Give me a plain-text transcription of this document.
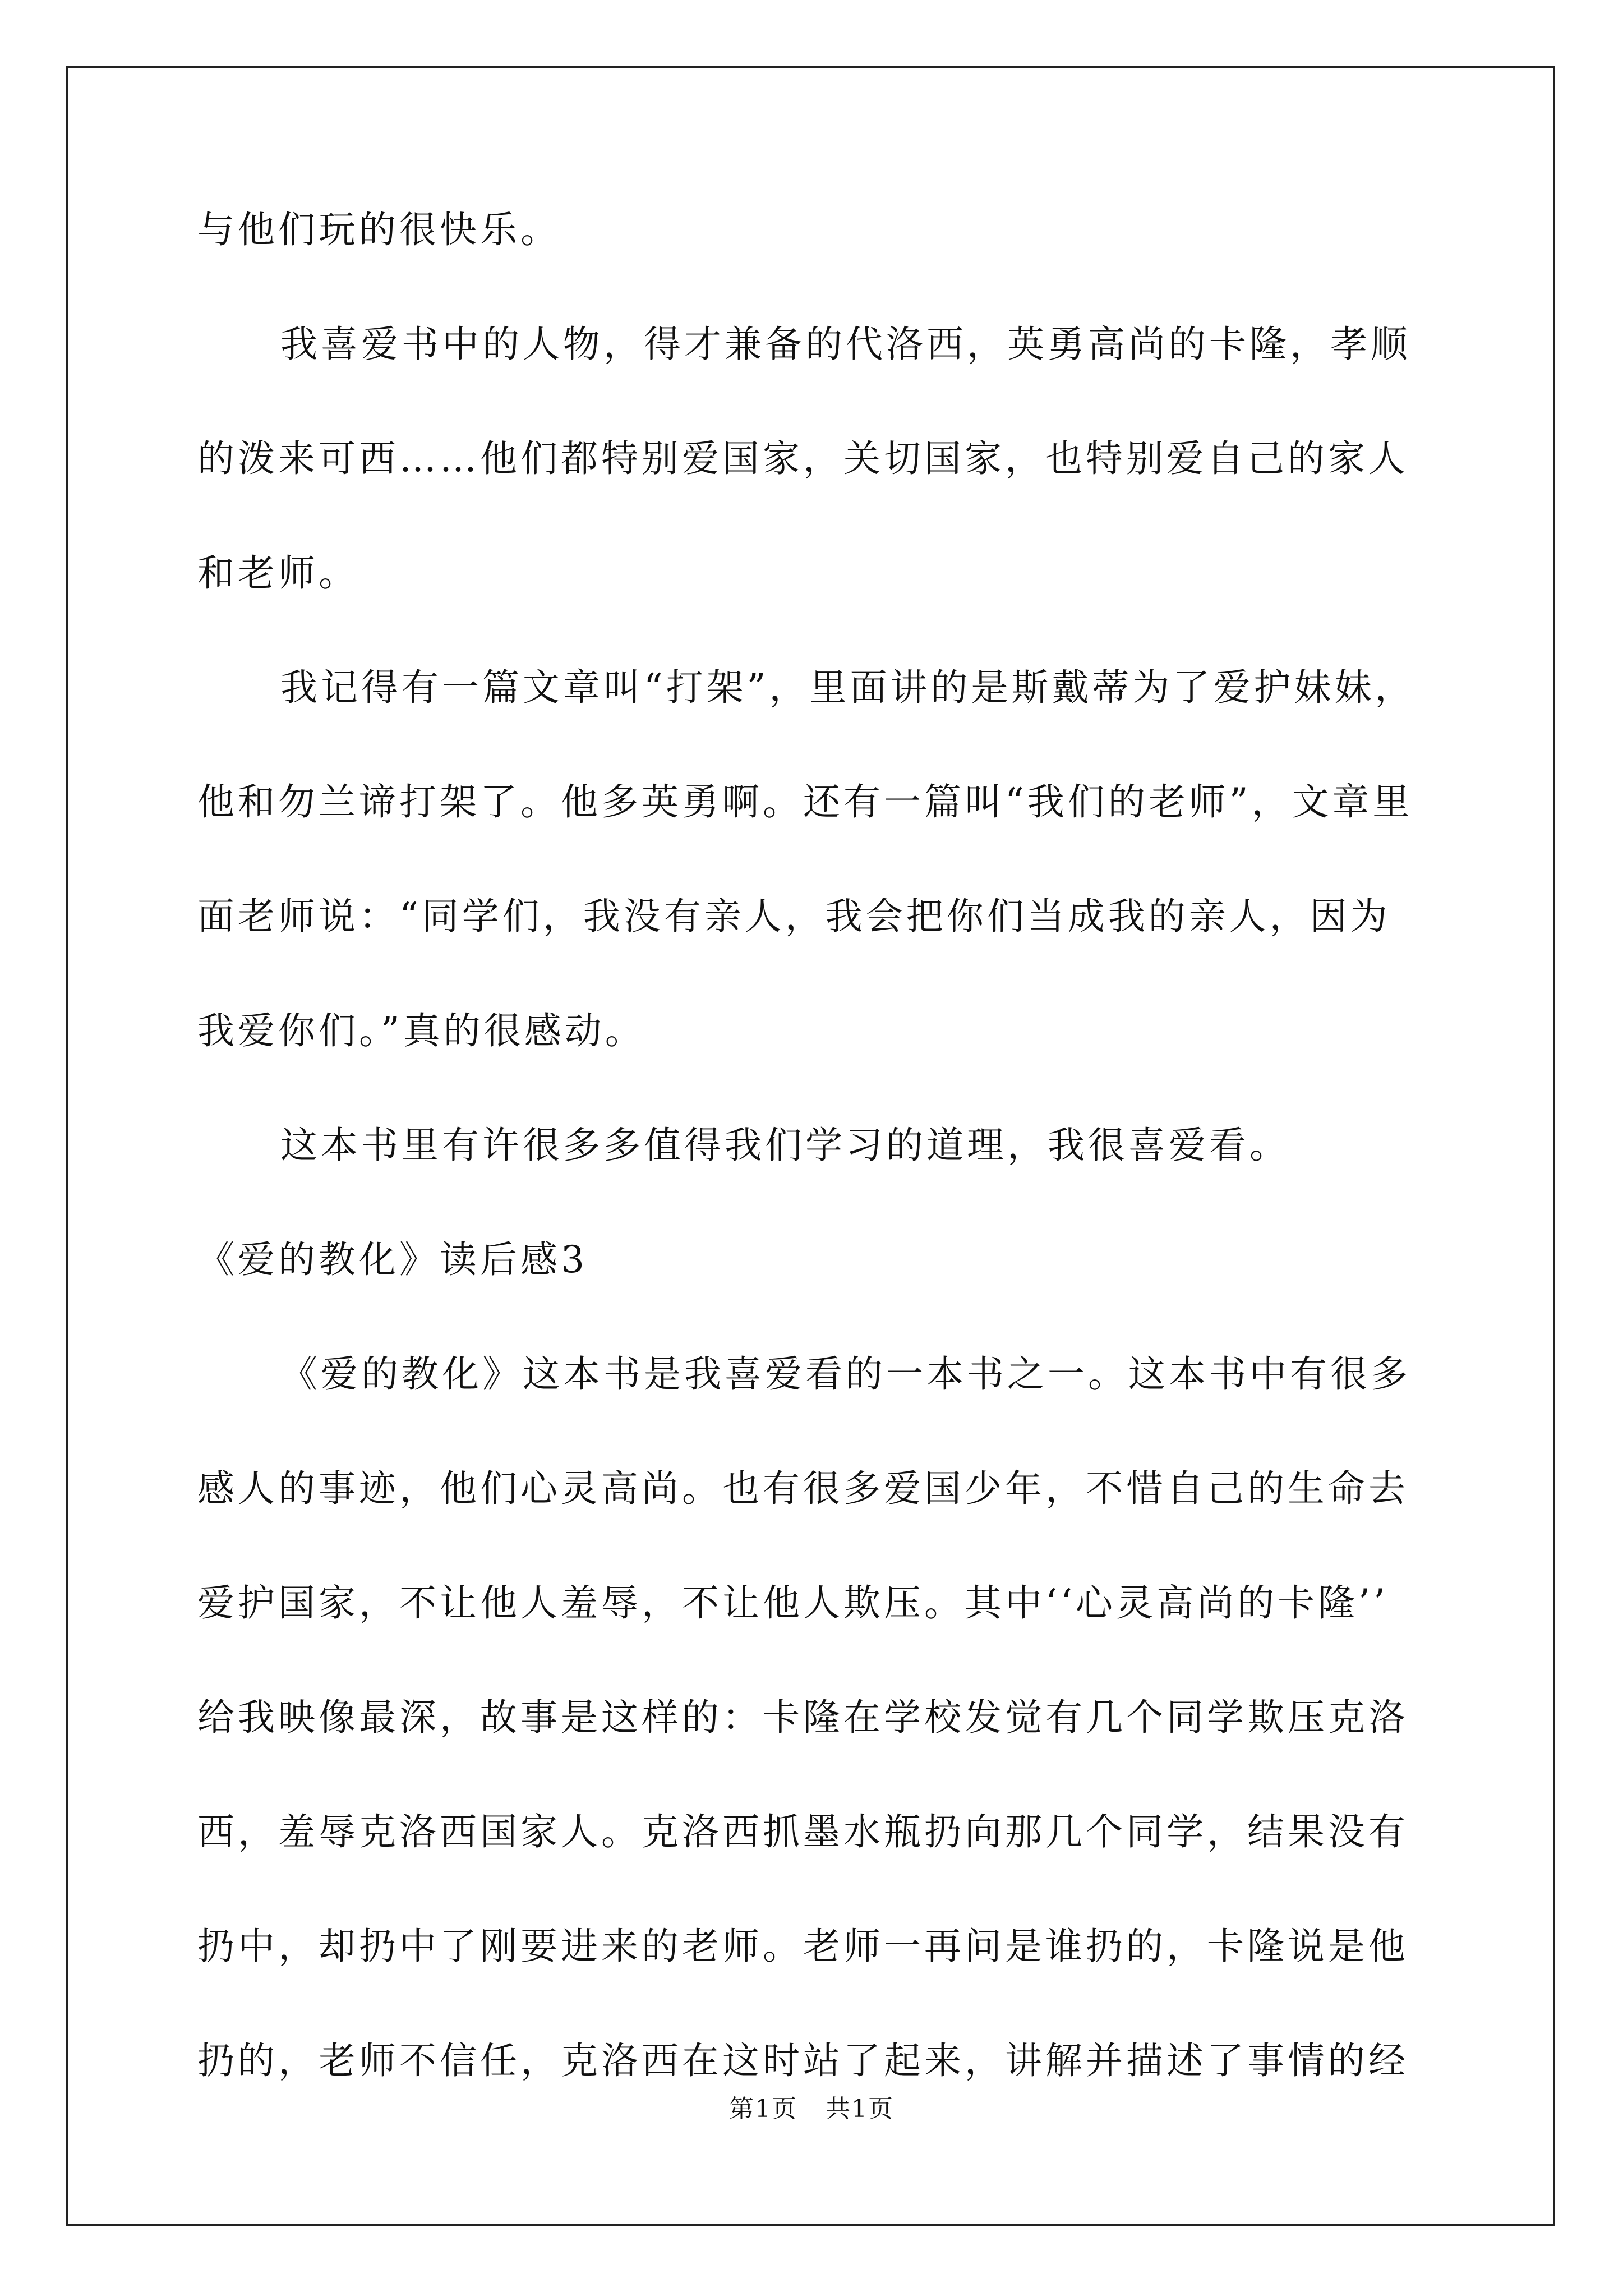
与他们玩的很快乐。
我喜爱书中的人物，得才兼备的代洛西，英勇高尚的卡隆，孝顺
的泼来可西……他们都特别爱国家，关切国家，也特别爱自己的家人
和老师。
我记得有一篇文章叫“打架”，里面讲的是斯戴蒂为了爱护妹妹，
他和勿兰谛打架了。他多英勇啊。还有一篇叫“我们的老师”，文章里
面老师说：“同学们，我没有亲人，我会把你们当成我的亲人，因为
我爱你们。”真的很感动。
这本书里有许很多多值得我们学习的道理，我很喜爱看。
《爱的教化》读后感3
《爱的教化》这本书是我喜爱看的一本书之一。这本书中有很多
感人的事迹，他们心灵高尚。也有很多爱国少年，不惜自己的生命去
爱护国家，不让他人羞辱，不让他人欺压。其中‘‘心灵高尚的卡隆’’
给我映像最深，故事是这样的：卡隆在学校发觉有几个同学欺压克洛
西，羞辱克洛西国家人。克洛西抓墨水瓶扔向那几个同学，结果没有
扔中，却扔中了刚要进来的老师。老师一再问是谁扔的，卡隆说是他
扔的，老师不信任，克洛西在这时站了起来，讲解并描述了事情的经
第1页 共1页
